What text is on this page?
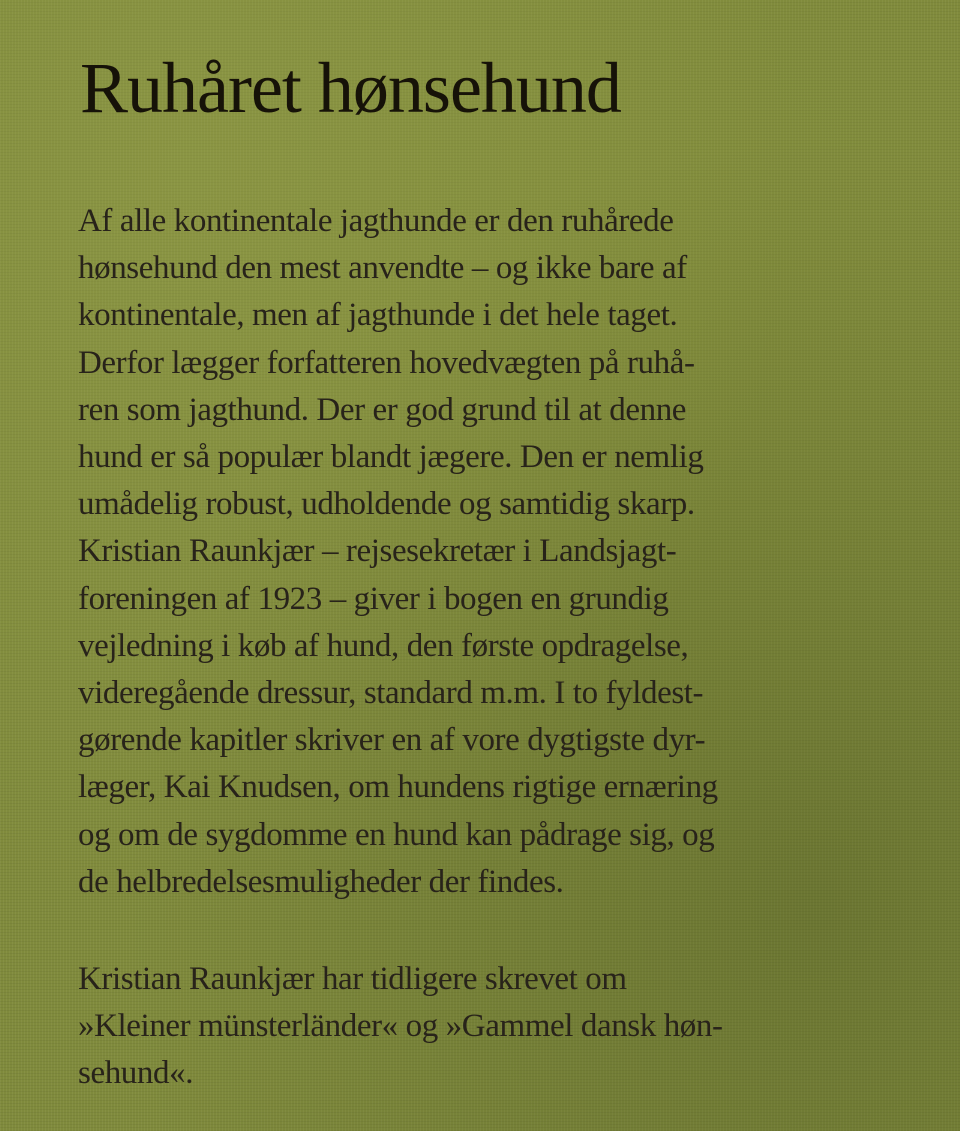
Ruhåret hønsehund

Af alle kontinentale jagthunde er den ruhårede
hønsehund den mest anvendte – og ikke bare af
kontinentale, men af jagthunde i det hele taget.
Derfor lægger forfatteren hovedvægten på ruhå-
ren som jagthund. Der er god grund til at denne
hund er så populær blandt jægere. Den er nemlig
umådelig robust, udholdende og samtidig skarp.
Kristian Raunkjær – rejsesekretær i Landsjagt-
foreningen af 1923 – giver i bogen en grundig
vejledning i køb af hund, den første opdragelse,
videregående dressur, standard m.m. I to fyldest-
gørende kapitler skriver en af vore dygtigste dyr-
læger, Kai Knudsen, om hundens rigtige ernæring
og om de sygdomme en hund kan pådrage sig, og
de helbredelsesmuligheder der findes.

Kristian Raunkjær har tidligere skrevet om
»Kleiner münsterländer« og »Gammel dansk høn-
sehund«.
